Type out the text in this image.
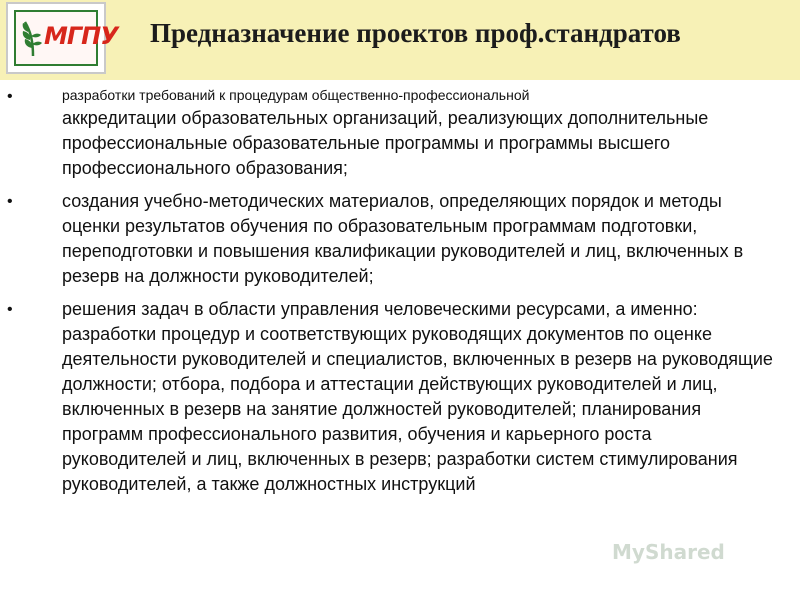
МГПУ Предназначение проектов проф.стандратов
•	разработки требований к процедурам общественно-профессиональной
аккредитации образовательных организаций, реализующих дополнительные профессиональные образовательные программы и программы высшего профессионального образования;
•	создания учебно-методических материалов, определяющих порядок и методы оценки результатов обучения по образовательным программам подготовки, переподготовки и повышения квалификации руководителей и лиц, включенных в резерв на должности руководителей;
•	решения задач в области управления человеческими ресурсами, а именно: разработки процедур и соответствующих руководящих документов по оценке деятельности руководителей и специалистов, включенных в резерв на руководящие должности; отбора, подбора и аттестации действующих руководителей и лиц, включенных в резерв на занятие должностей руководителей; планирования программ профессионального развития, обучения и карьерного роста руководителей и лиц, включенных в резерв; разработки систем стимулирования руководителей, а также должностных инструкций
MyShared
